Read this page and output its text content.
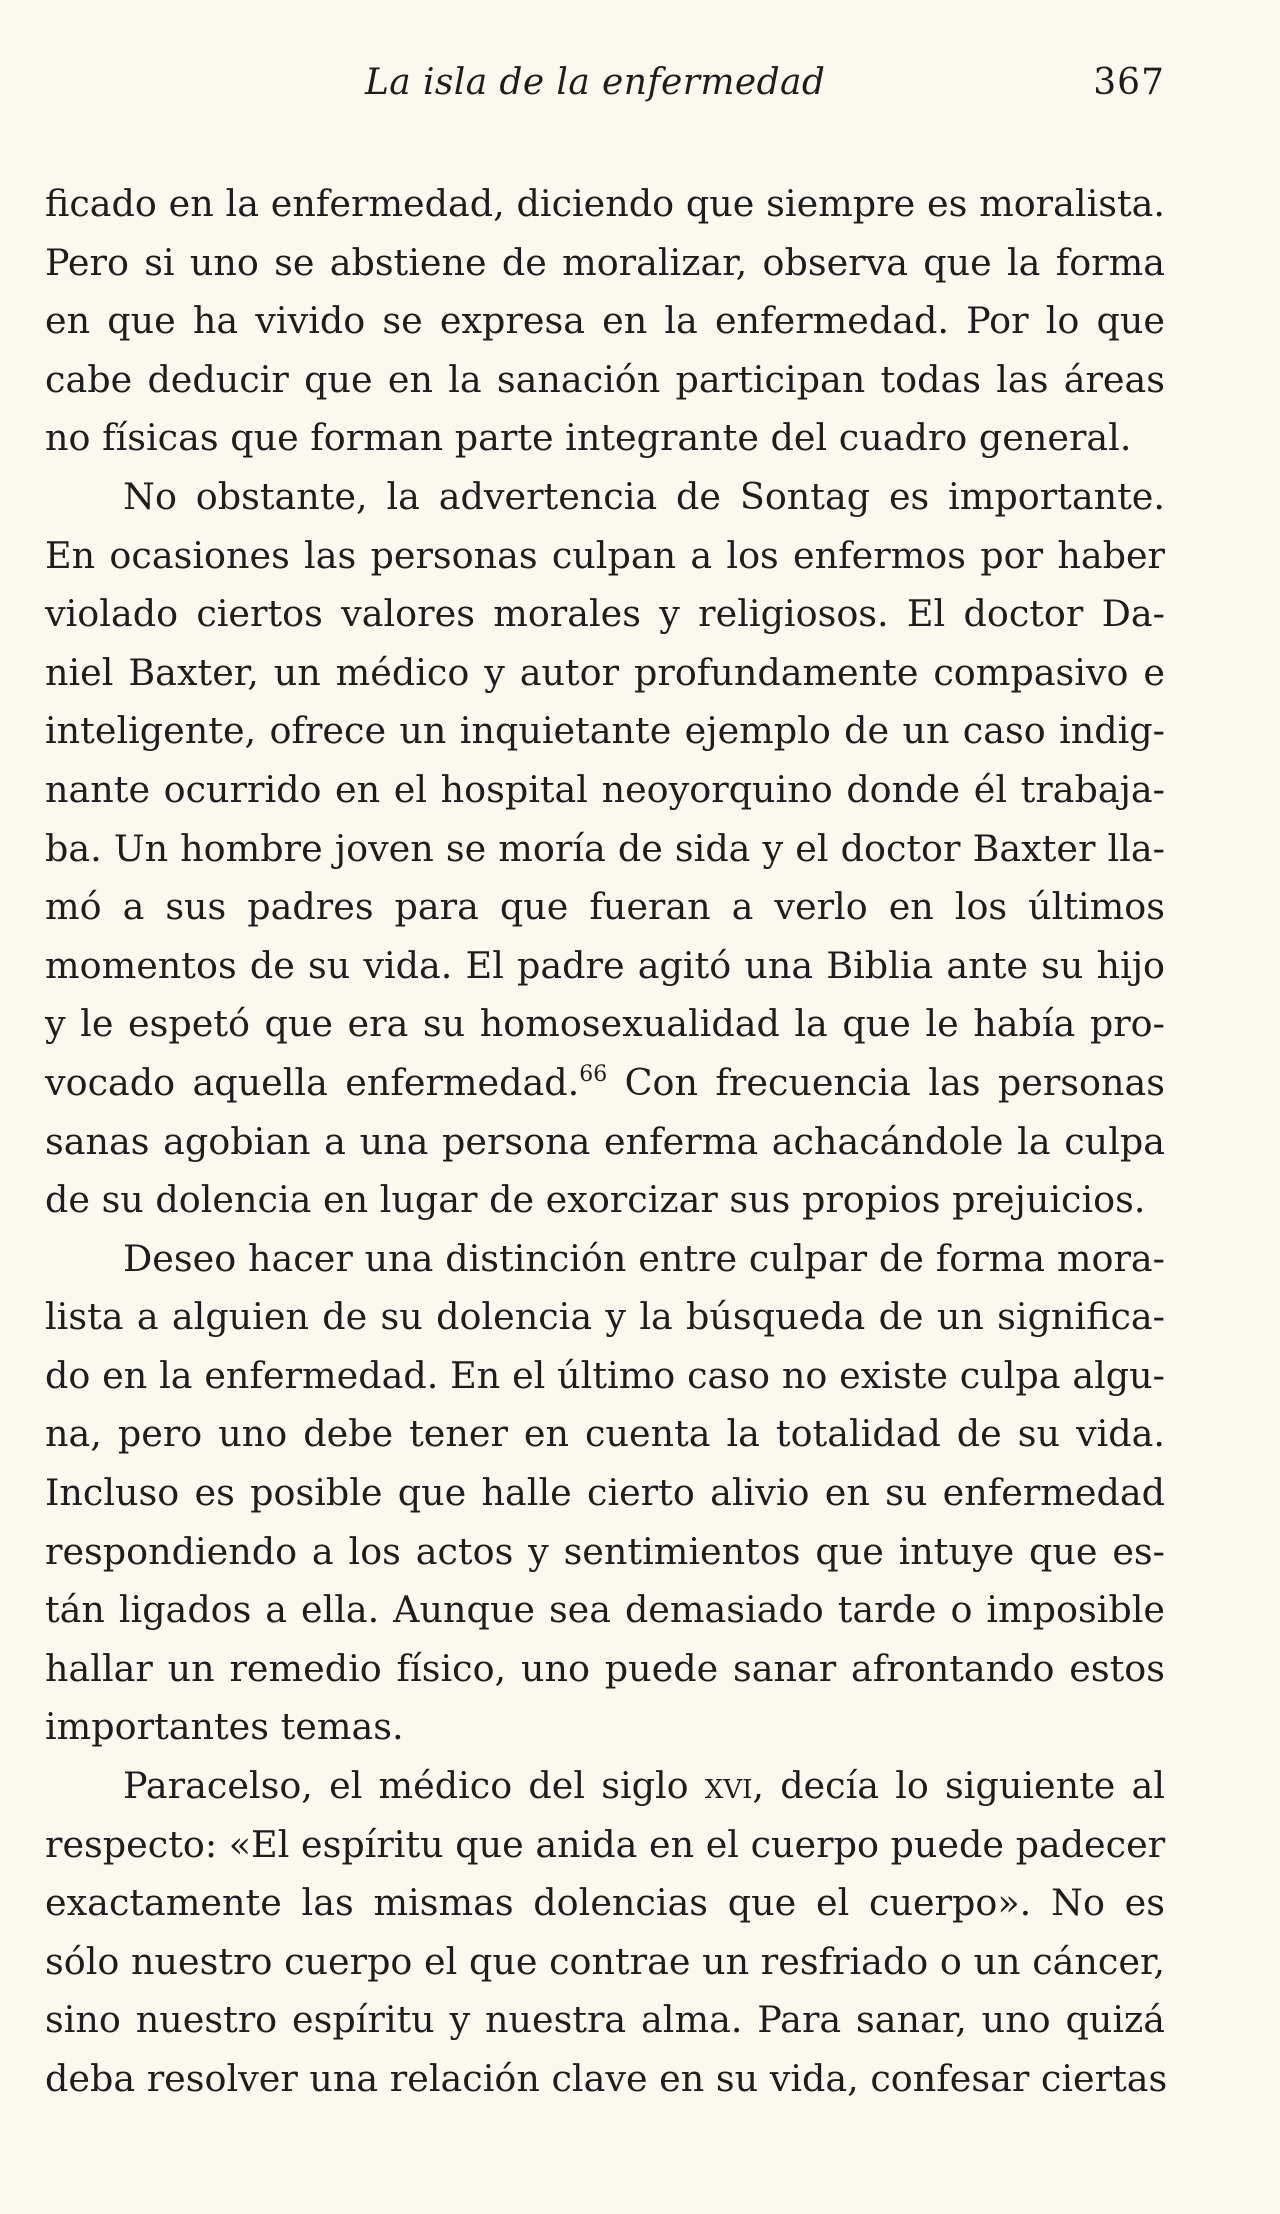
La isla de la enfermedad	367
ficado en la enfermedad, diciendo que siempre es moralista.
Pero si uno se abstiene de moralizar, observa que la forma
en que ha vivido se expresa en la enfermedad. Por lo que
cabe deducir que en la sanación participan todas las áreas
no físicas que forman parte integrante del cuadro general.
No obstante, la advertencia de Sontag es importante.
En ocasiones las personas culpan a los enfermos por haber
violado ciertos valores morales y religiosos. El doctor Da-
niel Baxter, un médico y autor profundamente compasivo e
inteligente, ofrece un inquietante ejemplo de un caso indig-
nante ocurrido en el hospital neoyorquino donde él trabaja-
ba. Un hombre joven se moría de sida y el doctor Baxter lla-
mó a sus padres para que fueran a verlo en los últimos
momentos de su vida. El padre agitó una Biblia ante su hijo
y le espetó que era su homosexualidad la que le había pro-
vocado aquella enfermedad.$^{66}$ Con frecuencia las personas
sanas agobian a una persona enferma achacándole la culpa
de su dolencia en lugar de exorcizar sus propios prejuicios.
Deseo hacer una distinción entre culpar de forma mora-
lista a alguien de su dolencia y la búsqueda de un significa-
do en la enfermedad. En el último caso no existe culpa algu-
na, pero uno debe tener en cuenta la totalidad de su vida.
Incluso es posible que halle cierto alivio en su enfermedad
respondiendo a los actos y sentimientos que intuye que es-
tán ligados a ella. Aunque sea demasiado tarde o imposible
hallar un remedio físico, uno puede sanar afrontando estos
importantes temas.
Paracelso, el médico del siglo xvi, decía lo siguiente al
respecto: «El espíritu que anida en el cuerpo puede padecer
exactamente las mismas dolencias que el cuerpo». No es
sólo nuestro cuerpo el que contrae un resfriado o un cáncer,
sino nuestro espíritu y nuestra alma. Para sanar, uno quizá
deba resolver una relación clave en su vida, confesar ciertas
